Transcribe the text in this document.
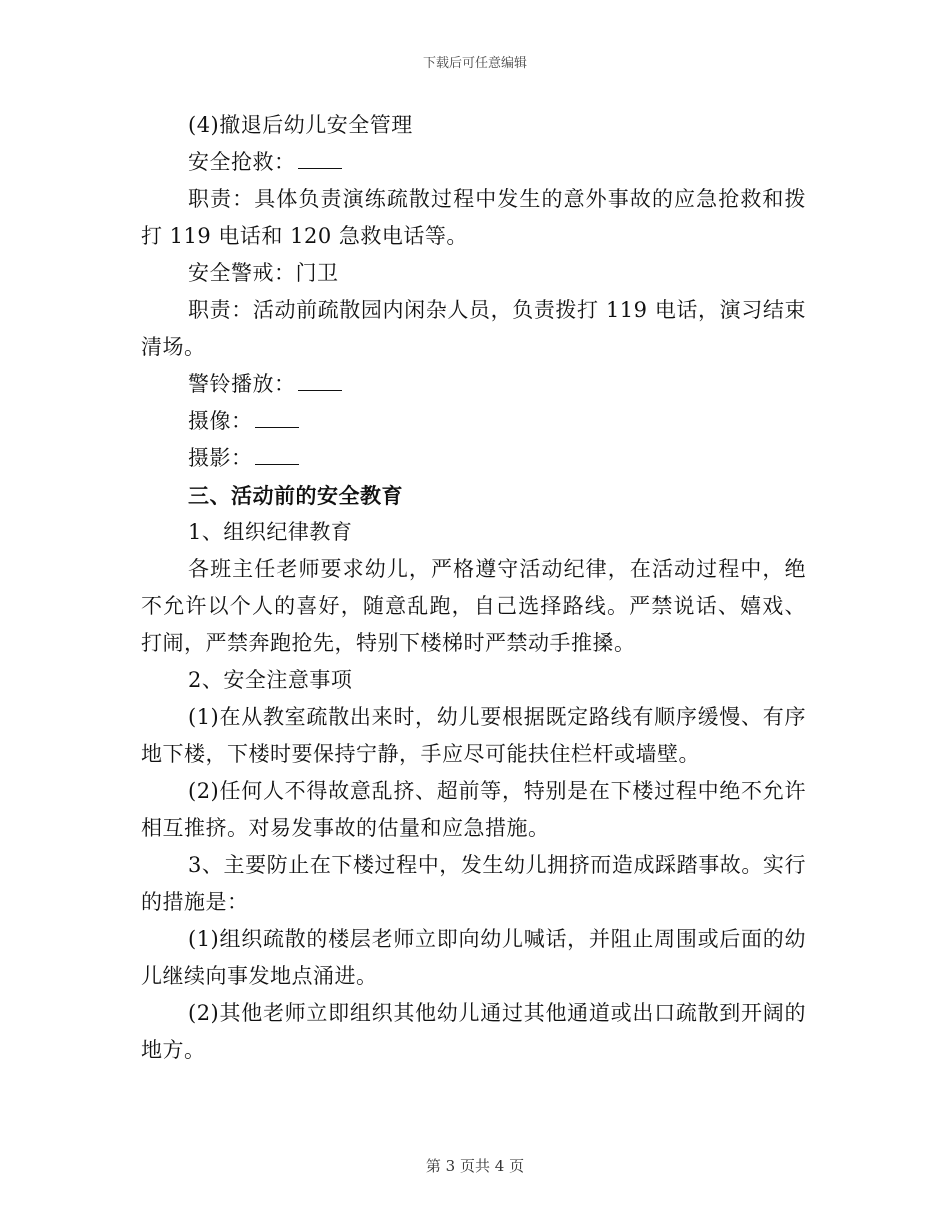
下载后可任意编辑

(4)撤退后幼儿安全管理

安全抢救：

职责：具体负责演练疏散过程中发生的意外事故的应急抢救和拨打 119 电话和 120 急救电话等。

安全警戒：门卫

职责：活动前疏散园内闲杂人员，负责拨打 119 电话，演习结束清场。

警铃播放：

摄像：

摄影：

三、活动前的安全教育

1、组织纪律教育

各班主任老师要求幼儿，严格遵守活动纪律，在活动过程中，绝不允许以个人的喜好，随意乱跑，自己选择路线。严禁说话、嬉戏、打闹，严禁奔跑抢先，特别下楼梯时严禁动手推搡。

2、安全注意事项

(1)在从教室疏散出来时，幼儿要根据既定路线有顺序缓慢、有序地下楼，下楼时要保持宁静，手应尽可能扶住栏杆或墙壁。

(2)任何人不得故意乱挤、超前等，特别是在下楼过程中绝不允许相互推挤。对易发事故的估量和应急措施。

3、主要防止在下楼过程中，发生幼儿拥挤而造成踩踏事故。实行的措施是：

(1)组织疏散的楼层老师立即向幼儿喊话，并阻止周围或后面的幼儿继续向事发地点涌进。

(2)其他老师立即组织其他幼儿通过其他通道或出口疏散到开阔的地方。

第 3 页共 4 页
